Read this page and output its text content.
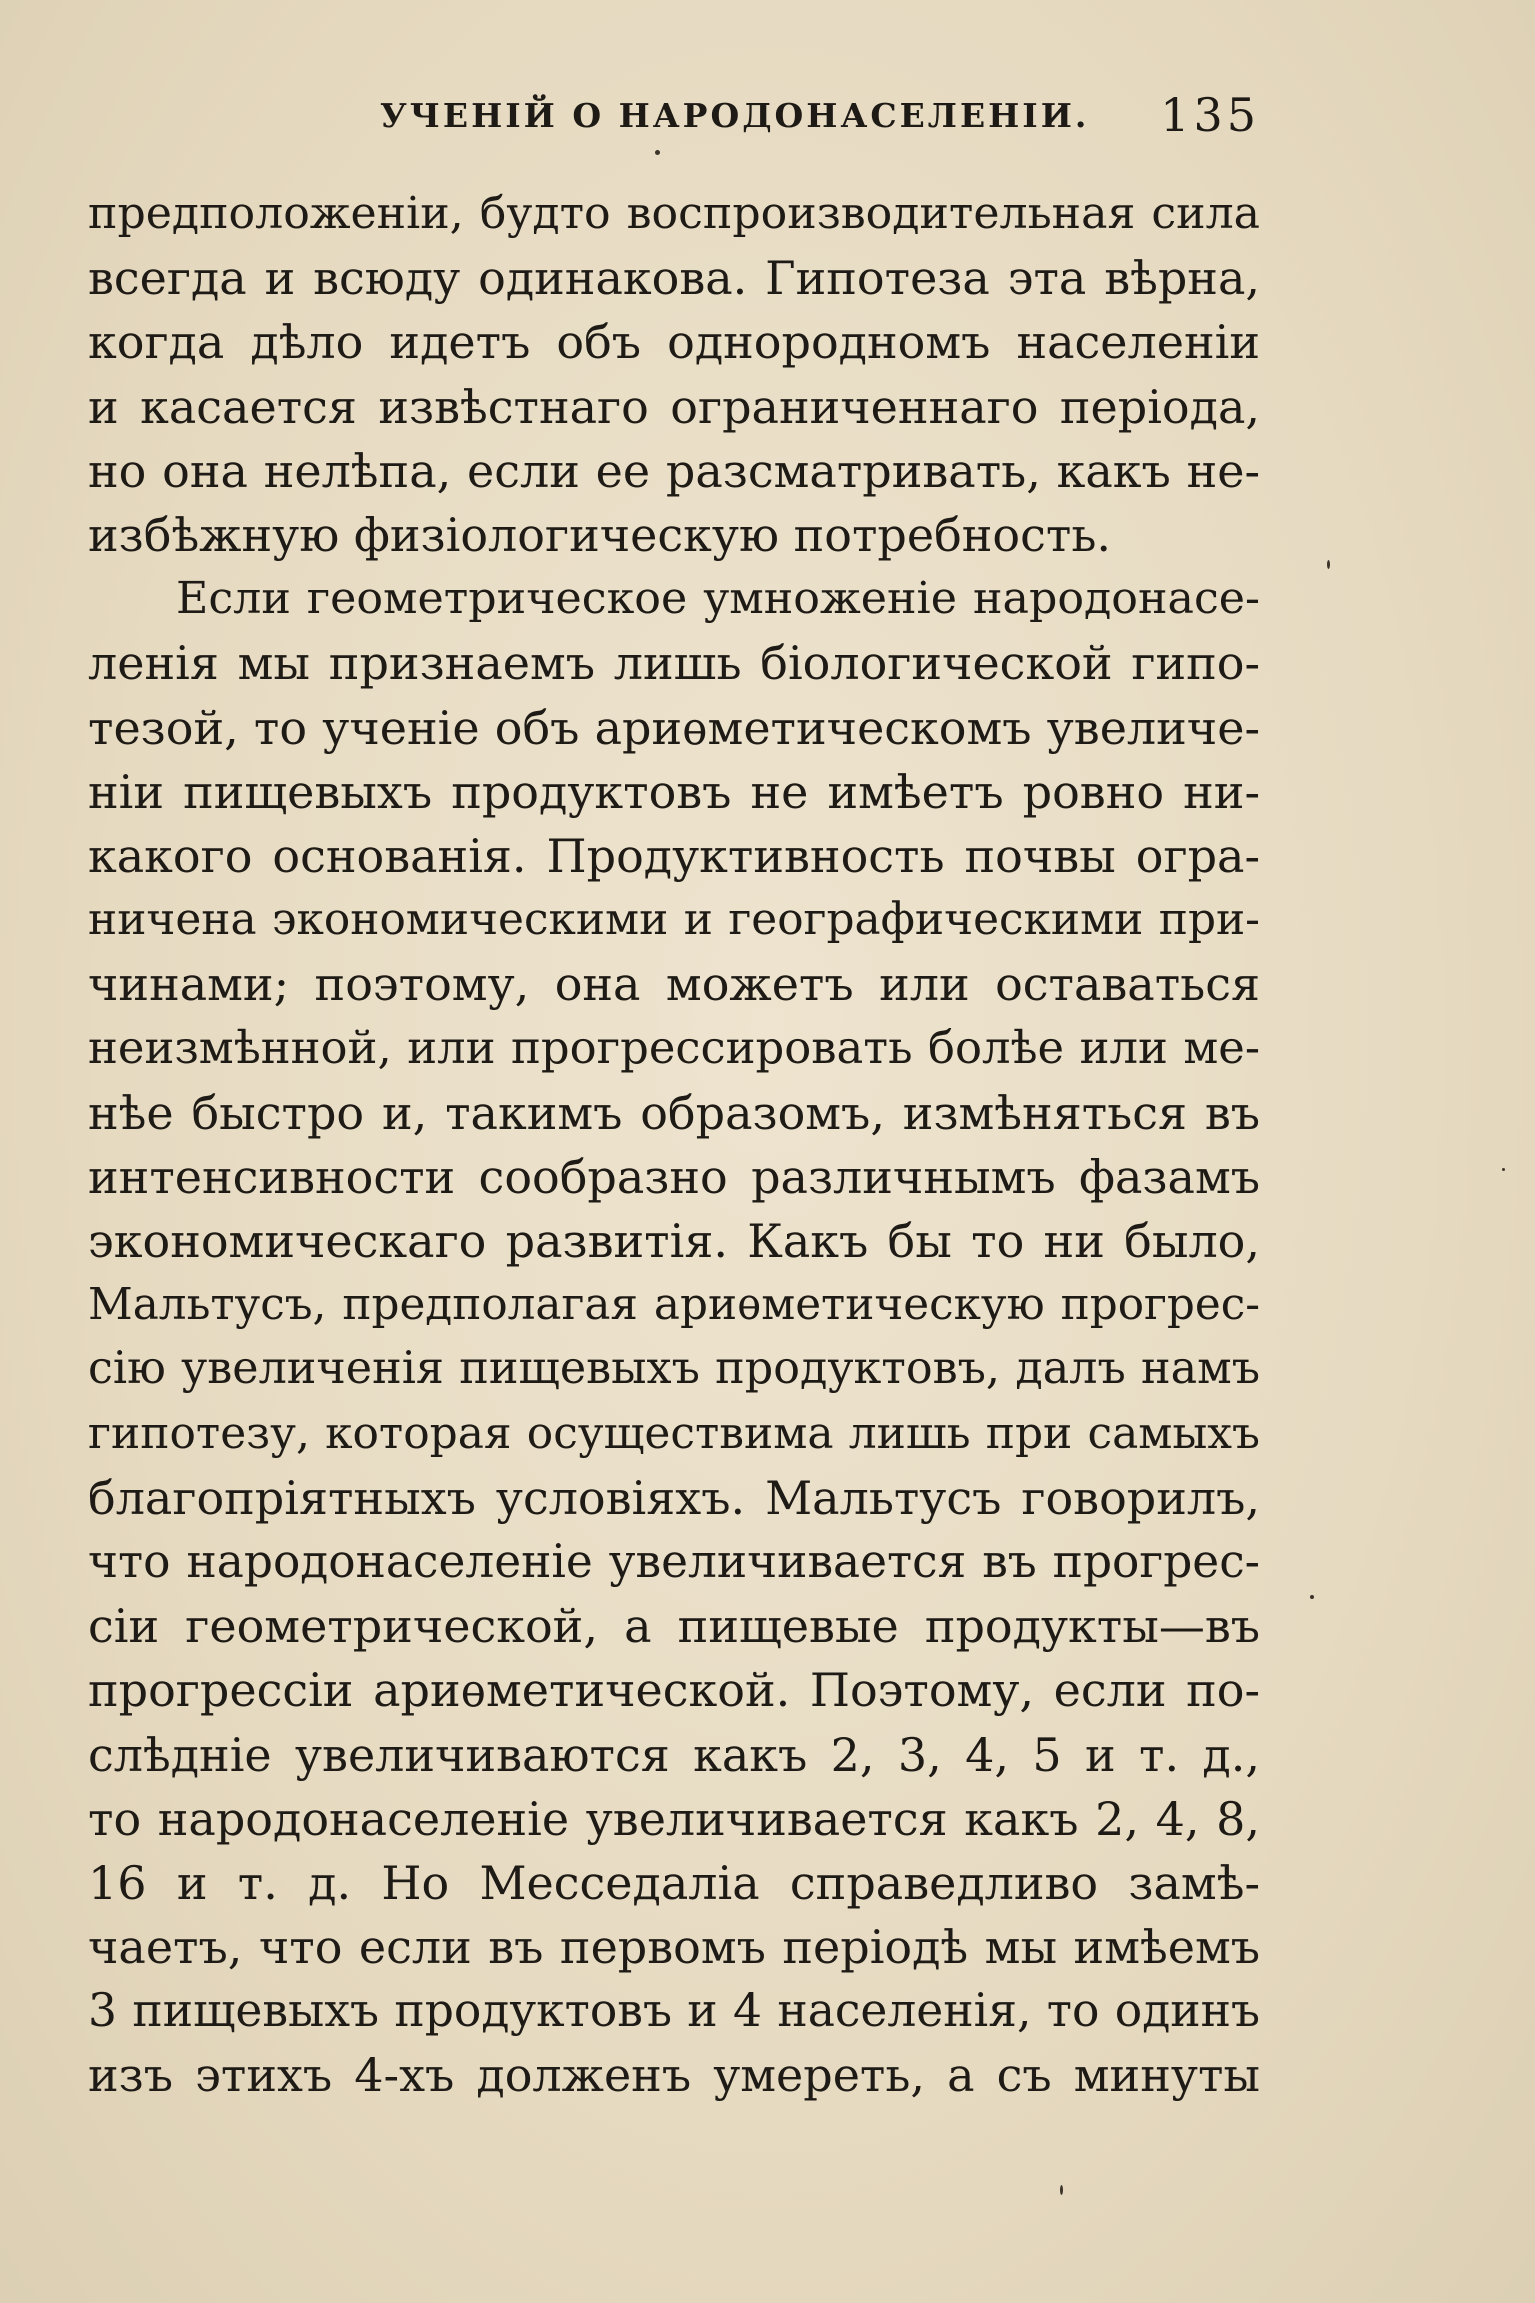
УЧЕНІЙ О НАРОДОНАСЕЛЕНІИ. 135
предположеніи, будто воспроизводительная сила
всегда и всюду одинакова. Гипотеза эта вѣрна,
когда дѣло идетъ объ однородномъ населеніи
и касается извѣстнаго ограниченнаго періода,
но она нелѣпа, если ее разсматривать, какъ не-
избѣжную физіологическую потребность.
Если геометрическое умноженіе народонасе-
ленія мы признаемъ лишь біологической гипо-
тезой, то ученіе объ ариѳметическомъ увеличе-
ніи пищевыхъ продуктовъ не имѣетъ ровно ни-
какого основанія. Продуктивность почвы огра-
ничена экономическими и географическими при-
чинами; поэтому, она можетъ или оставаться
неизмѣнной, или прогрессировать болѣе или ме-
нѣе быстро и, такимъ образомъ, измѣняться въ
интенсивности сообразно различнымъ фазамъ
экономическаго развитія. Какъ бы то ни было,
Мальтусъ, предполагая ариѳметическую прогрес-
сію увеличенія пищевыхъ продуктовъ, далъ намъ
гипотезу, которая осуществима лишь при самыхъ
благопріятныхъ условіяхъ. Мальтусъ говорилъ,
что народонаселеніе увеличивается въ прогрес-
сіи геометрической, а пищевые продукты—въ
прогрессіи ариѳметической. Поэтому, если по-
слѣдніе увеличиваются какъ 2, 3, 4, 5 и т. д.,
то народонаселеніе увеличивается какъ 2, 4, 8,
16 и т. д. Но Месседаліа справедливо замѣ-
чаетъ, что если въ первомъ періодѣ мы имѣемъ
3 пищевыхъ продуктовъ и 4 населенія, то одинъ
изъ этихъ 4-хъ долженъ умереть, а съ минуты
